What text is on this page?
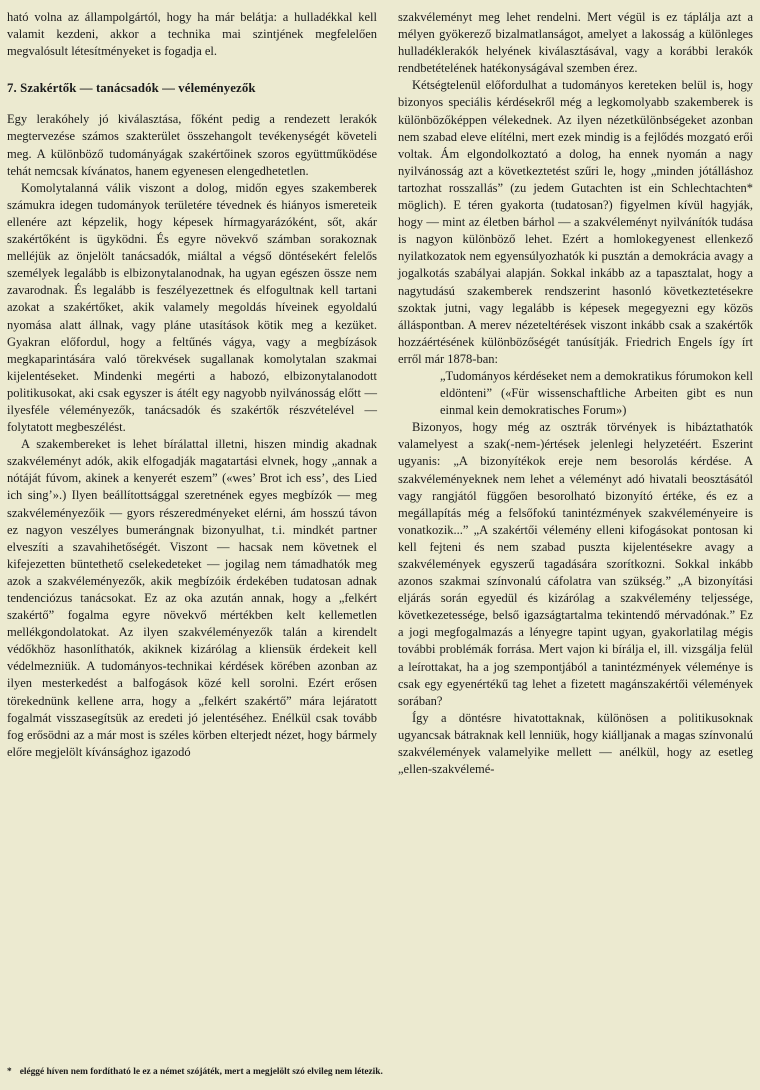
ható volna az állampolgártól, hogy ha már belátja: a hulladékkal kell valamit kezdeni, akkor a technika mai szintjének megfelelően megvalósult létesítményeket is fogadja el.

7. Szakértők — tanácsadók — véleményezők

Egy lerakóhely jó kiválasztása, főként pedig a rendezett lerakók megtervezése számos szakterület összehangolt tevékenységét követeli meg. A különböző tudományágak szakértőinek szoros együttműködése tehát nemcsak kívánatos, hanem egyenesen elengedhetetlen.

Komolytalanná válik viszont a dolog, midőn egyes szakemberek számukra idegen tudományok területére tévednek és hiányos ismereteik ellenére azt képzelik, hogy képesek hírmagyarázóként, sőt, akár szakértőként is ügyködni. És egyre növekvő számban sorakoznak melléjük az önjelölt tanácsadók, miáltal a végső döntésekért felelős személyek legalább is elbizonytalanodnak, ha ugyan egészen össze nem zavarodnak. És legalább is feszélyezettnek és elfogultnak kell tartani azokat a szakértőket, akik valamely megoldás híveinek egyoldalú nyomása alatt állnak, vagy pláne utasítások kötik meg a kezüket. Gyakran előfordul, hogy a feltűnés vágya, vagy a megbízások megkaparintására való törekvések sugallanak komolytalan szakmai kijelentéseket. Mindenki megérti a habozó, elbizonytalanodott politikusokat, aki csak egyszer is átélt egy nagyobb nyilvánosság előtt — ilyesféle véleményezők, tanácsadók és szakértők részvételével — folytatott megbeszélést.

A szakembereket is lehet bírálattal illetni, hiszen mindig akadnak szakvéleményt adók, akik elfogadják magatartási elvnek, hogy „annak a nótáját fúvom, akinek a kenyerét eszem” («wes’ Brot ich ess’, des Lied ich sing’».) Ilyen beállítottsággal szeretnének egyes megbízók — meg szakvéleményezőik — gyors részeredményeket elérni, ám hosszú távon ez nagyon veszélyes bumerángnak bizonyulhat, t.i. mindkét partner elveszíti a szavahihetőségét. Viszont — hacsak nem követnek el kifejezetten büntethető cselekedeteket — jogilag nem támadhatók meg azok a szakvéleményezők, akik megbízóik érdekében tudatosan adnak tendenciózus tanácsokat. Ez az oka azután annak, hogy a „felkért szakértő” fogalma egyre növekvő mértékben kelt kellemetlen mellékgondolatokat. Az ilyen szakvéleményezők talán a kirendelt védőkhöz hasonlíthatók, akiknek kizárólag a kliensük érdekeit kell védelmezniük. A tudományos-technikai kérdések körében azonban az ilyen mesterkedést a balfogások közé kell sorolni. Ezért erősen törekednünk kellene arra, hogy a „felkért szakértő” mára lejáratott fogalmát visszasegítsük az eredeti jó jelentéséhez. Enélkül csak tovább fog erősödni az a már most is széles körben elterjedt nézet, hogy bármely előre megjelölt kívánsághoz igazodó

szakvéleményt meg lehet rendelni. Mert végül is ez táplálja azt a mélyen gyökerező bizalmatlanságot, amelyet a lakosság a különleges hulladéklerakók helyének kiválasztásával, vagy a korábbi lerakók rendbetételének hatékonyságával szemben érez.

Kétségtelenül előfordulhat a tudományos kereteken belül is, hogy bizonyos speciális kérdésekről még a legkomolyabb szakemberek is különbözőképpen vélekednek. Az ilyen nézetkülönbségeket azonban nem szabad eleve elítélni, mert ezek mindig is a fejlődés mozgató erői voltak. Ám elgondolkoztató a dolog, ha ennek nyomán a nagy nyilvánosság azt a következtetést szűri le, hogy „minden jótálláshoz tartozhat rosszallás” (zu jedem Gutachten ist ein Schlechtachten* möglich). E téren gyakorta (tudatosan?) figyelmen kívül hagyják, hogy — mint az életben bárhol — a szakvéleményt nyilvánítók tudása is nagyon különböző lehet. Ezért a homlokegyenest ellenkező nyilatkozatok nem egyensúlyozhatók ki pusztán a demokrácia avagy a jogalkotás szabályai alapján. Sokkal inkább az a tapasztalat, hogy a nagytudású szakemberek rendszerint hasonló következtetésekre szoktak jutni, vagy legalább is képesek megegyezni egy közös álláspontban. A merev nézeteltérések viszont inkább csak a szakértők hozzáértésének különbözőségét tanúsítják. Friedrich Engels így írt erről már 1878-ban:

„Tudományos kérdéseket nem a demokratikus fórumokon kell eldönteni” («Für wissenschaftliche Arbeiten gibt es nun einmal kein demokratisches Forum»)

Bizonyos, hogy még az osztrák törvények is hibáztathatók valamelyest a szak(-nem-)értések jelenlegi helyzetéért. Eszerint ugyanis: „A bizonyítékok ereje nem besorolás kérdése. A szakvéleményeknek nem lehet a véleményt adó hivatali beosztásától vagy rangjától függően besorolható bizonyító értéke, és ez a megállapítás még a felsőfokú tanintézmények szakvéleményeire is vonatkozik...” „A szakértői vélemény elleni kifogásokat pontosan ki kell fejteni és nem szabad puszta kijelentésekre avagy a szakvélemények egyszerű tagadására szorítkozni. Sokkal inkább azonos szakmai színvonalú cáfolatra van szükség.” „A bizonyítási eljárás során egyedül és kizárólag a szakvélemény teljessége, következetessége, belső igazságtartalma tekintendő mérvadónak.” Ez a jogi megfogalmazás a lényegre tapint ugyan, gyakorlatilag mégis további problémák forrása. Mert vajon ki bírálja el, ill. vizsgálja felül a leírottakat, ha a jog szempontjából a tanintézmények véleménye is csak egy egyenértékű tag lehet a fizetett magánszakértői vélemények sorában?

Így a döntésre hivatottaknak, különösen a politikusoknak ugyancsak bátraknak kell lenniük, hogy kiálljanak a magas színvonalú szakvélemények valamelyike mellett — anélkül, hogy az esetleg „ellen-szakvélemé-

* eléggé híven nem fordítható le ez a német szójáték, mert a megjelölt szó elvileg nem létezik.
